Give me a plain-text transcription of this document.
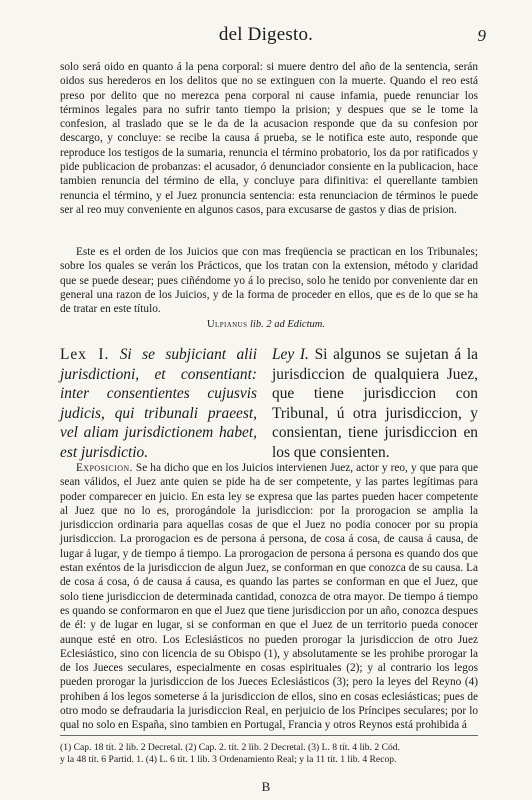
del Digesto.	9

solo será oido en quanto á la pena corporal: si muere dentro del año de la sentencia, serán oidos sus herederos en los delitos que no se extinguen con la muerte. Quando el reo está preso por delito que no merezca pena corporal ni cause infamia, puede renunciar los términos legales para no sufrir tanto tiempo la prision; y despues que se le tome la confesion, al traslado que se le da de la acusacion responde que da su confesion por descargo, y concluye: se recibe la causa á prueba, se le notifica este auto, responde que reproduce los testigos de la sumaria, renuncia el término probatorio, los da por ratificados y pide publicacion de probanzas: el acusador, ó denunciador consiente en la publicacion, hace tambien renuncia del término de ella, y concluye para difinitiva: el querellante tambien renuncia el término, y el Juez pronuncia sentencia: esta renunciacion de términos le puede ser al reo muy conveniente en algunos casos, para excusarse de gastos y dias de prision.

Este es el orden de los Juicios que con mas freqüencia se practican en los Tribunales; sobre los quales se verán los Prácticos, que los tratan con la extension, método y claridad que se puede desear; pues ciñéndome yo á lo preciso, solo he tenido por conveniente dar en general una razon de los Juicios, y de la forma de proceder en ellos, que es de lo que se ha de tratar en este título.

Ulpianus lib. 2 ad Edictum.
Lex I. Si se subjiciant alii jurisdictioni, et consentiant: inter consentientes cujusvis judicis, qui tribunali praeest, vel aliam jurisdictionem habet, est jurisdictio.
Ley I. Si algunos se sujetan á la jurisdiccion de qualquiera Juez, que tiene jurisdiccion con Tribunal, ú otra jurisdiccion, y consientan, tiene jurisdiccion en los que consienten.

Exposicion. Se ha dicho que en los Juicios intervienen Juez, actor y reo, y que para que sean válidos, el Juez ante quien se pide ha de ser competente, y las partes legítimas para poder comparecer en juicio. En esta ley se expresa que las partes pueden hacer competente al Juez que no lo es, prorogándole la jurisdiccion: por la prorogacion se amplia la jurisdiccion ordinaria para aquellas cosas de que el Juez no podia conocer por su propia jurisdiccion. La prorogacion es de persona á persona, de cosa á cosa, de causa á causa, de lugar á lugar, y de tiempo á tiempo. La prorogacion de persona á persona es quando dos que estan exéntos de la jurisdiccion de algun Juez, se conforman en que conozca de su causa. La de cosa á cosa, ó de causa á causa, es quando las partes se conforman en que el Juez, que solo tiene jurisdiccion de determinada cantidad, conozca de otra mayor. De tiempo á tiempo es quando se conformaron en que el Juez que tiene jurisdiccion por un año, conozca despues de él: y de lugar en lugar, si se conforman en que el Juez de un territorio pueda conocer aunque esté en otro. Los Eclesiásticos no pueden prorogar la jurisdiccion de otro Juez Eclesiástico, sino con licencia de su Obispo (1), y absolutamente se les prohibe prorogar la de los Jueces seculares, especialmente en cosas espirituales (2); y al contrario los legos pueden prorogar la jurisdiccion de los Jueces Eclesiásticos (3); pero la leyes del Reyno (4) prohiben á los legos someterse á la jurisdiccion de ellos, sino en cosas eclesiásticas; pues de otro modo se defraudaria la jurisdiccion Real, en perjuicio de los Príncipes seculares; por lo qual no solo en España, sino tambien en Portugal, Francia y otros Reynos está prohibida á

(1) Cap. 18 tít. 2 lib. 2 Decretal. (2) Cap. 2. tít. 2 lib. 2 Decretal. (3) L. 8 tít. 4 lib. 2 Cód.
y la 48 tít. 6 Partid. 1. (4) L. 6 tít. 1 lib. 3 Ordenamiento Real; y la 11 tít. 1 lib. 4 Recop.
B
